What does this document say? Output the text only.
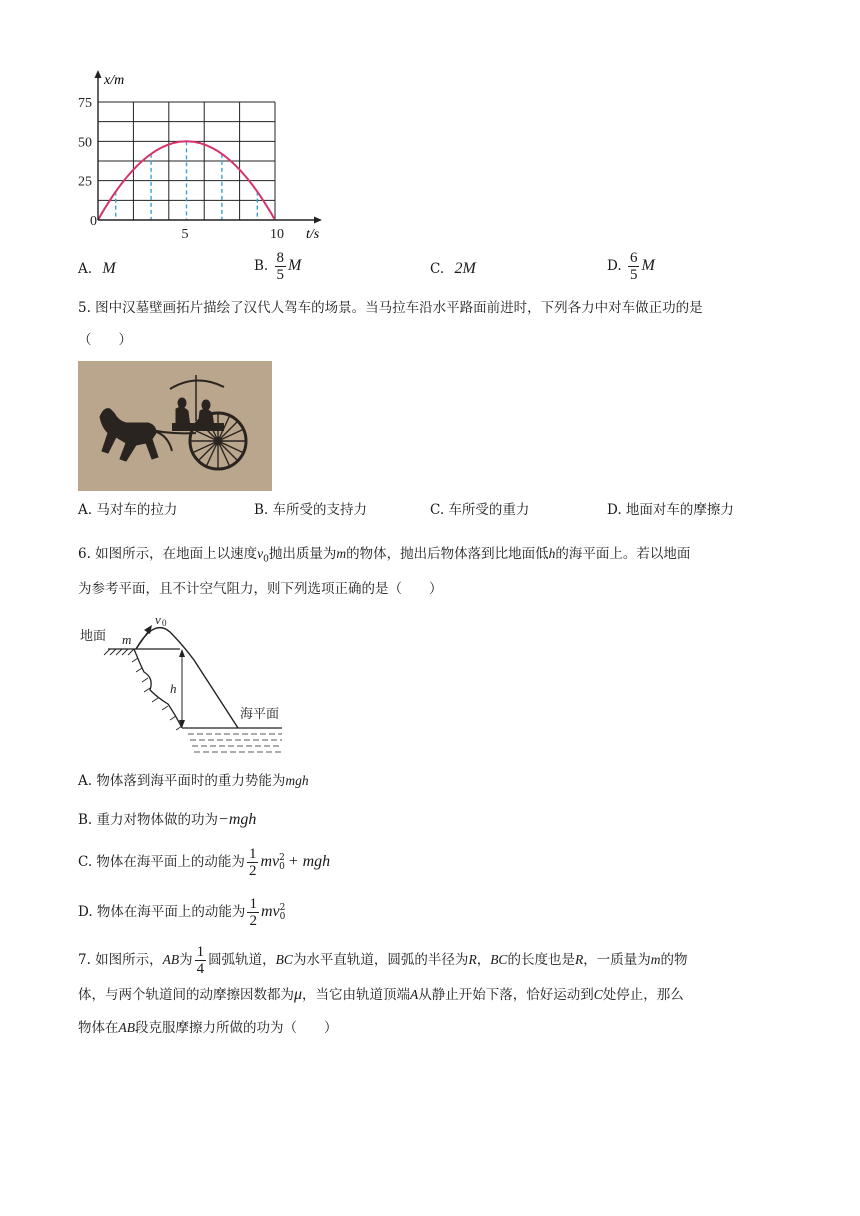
x/m
t/s
0
5	10
25
50
75
A. M	B. $\frac{8}{5}$ M	C. 2M	D. $\frac{6}{5}$ M
5. 图中汉墓壁画拓片描绘了汉代人驾车的场景。当马拉车沿水平路面前进时，下列各力中对车做正功的是
（　　）
A. 马对车的拉力	B. 车所受的支持力	C. 车所受的重力	D. 地面对车的摩擦力
6. 如图所示，在地面上以速度$v_0$抛出质量为m的物体，抛出后物体落到比地面低h的海平面上。若以地面
为参考平面，且不计空气阻力，则下列选项正确的是（　　）
地面 m
v 0
h
海平面
A. 物体落到海平面时的重力势能为mgh
B. 重力对物体做的功为−mgh
C. 物体在海平面上的动能为 $\frac{1}{2}$ mv 2
0 + mgh
D. 物体在海平面上的动能为 $\frac{1}{2}$ mv 2
0
7. 如图所示，AB为 $\frac{1}{4}$ 圆弧轨道，BC为水平直轨道，圆弧的半径为R，BC的长度也是R，一质量为m的物
体，与两个轨道间的动摩擦因数都为μ，当它由轨道顶端A从静止开始下落，恰好运动到C处停止，那么
物体在AB段克服摩擦力所做的功为（　　）
